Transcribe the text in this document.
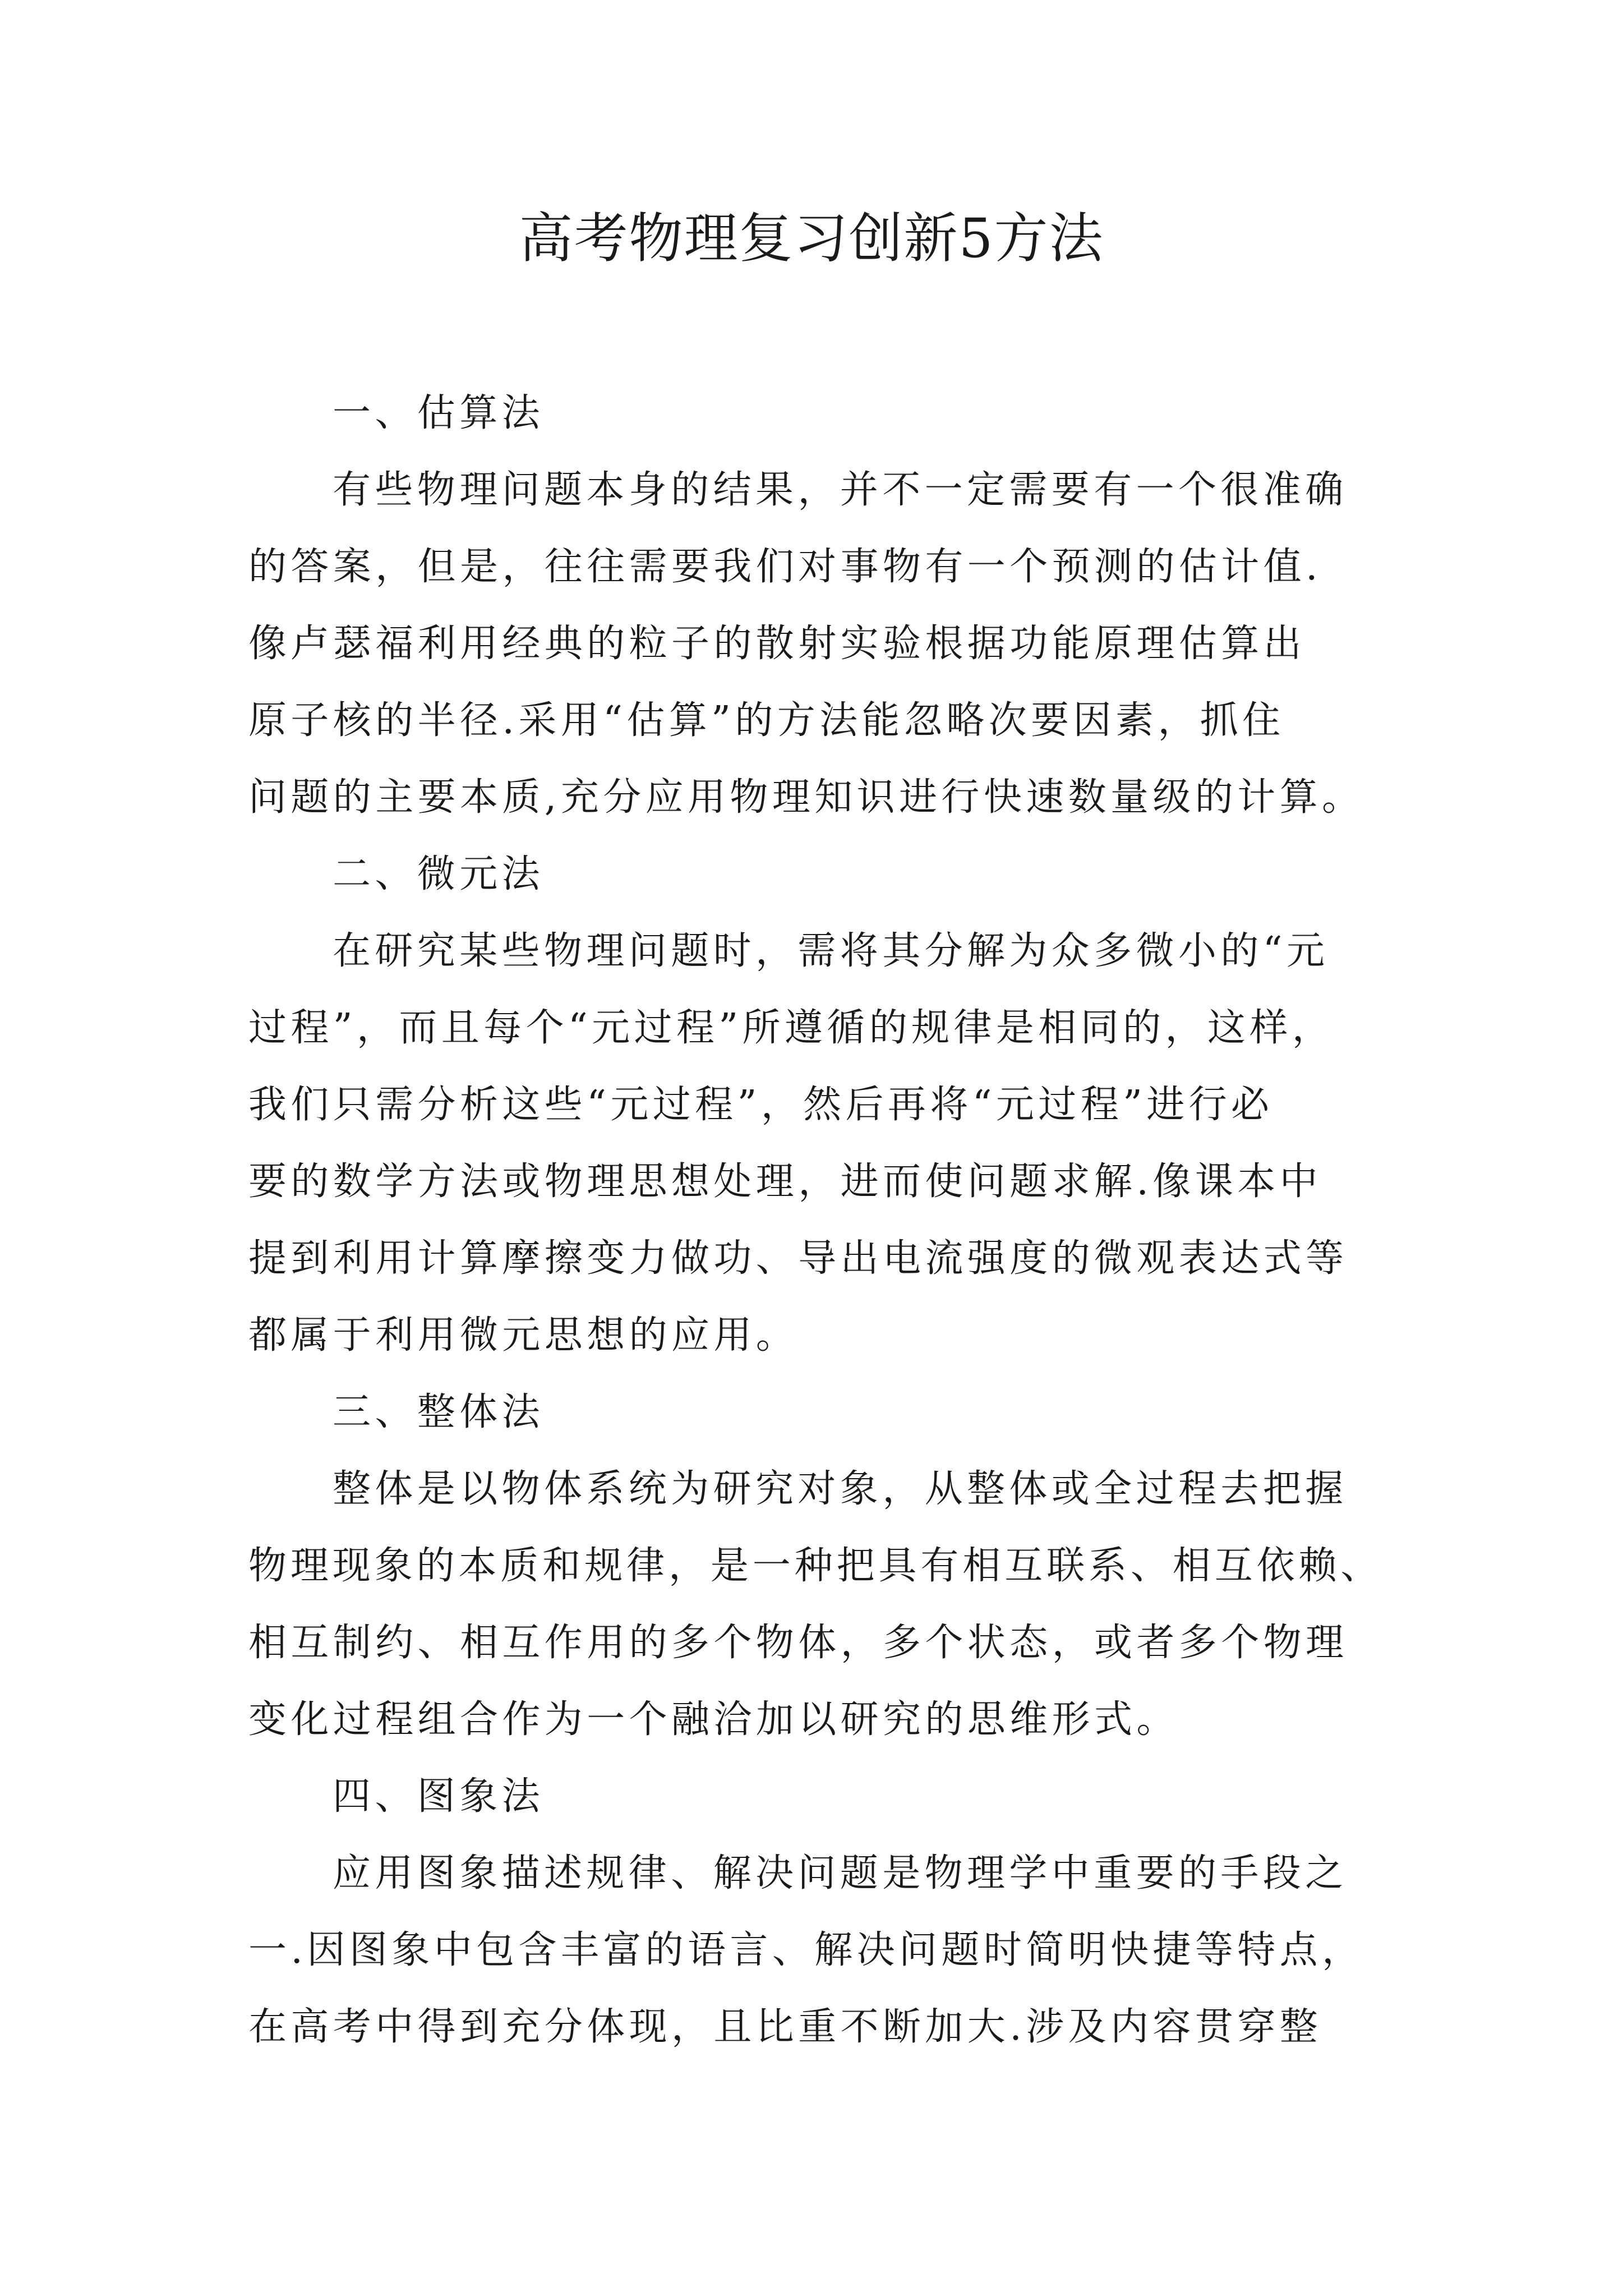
高考物理复习创新5方法
一、估算法
有些物理问题本身的结果，并不一定需要有一个很准确
的答案，但是，往往需要我们对事物有一个预测的估计值.
像卢瑟福利用经典的粒子的散射实验根据功能原理估算出
原子核的半径.采用“估算”的方法能忽略次要因素，抓住
问题的主要本质,充分应用物理知识进行快速数量级的计算。
二、微元法
在研究某些物理问题时，需将其分解为众多微小的“元
过程”，而且每个“元过程”所遵循的规律是相同的，这样，
我们只需分析这些“元过程”，然后再将“元过程”进行必
要的数学方法或物理思想处理，进而使问题求解.像课本中
提到利用计算摩擦变力做功、导出电流强度的微观表达式等
都属于利用微元思想的应用。
三、整体法
整体是以物体系统为研究对象，从整体或全过程去把握
物理现象的本质和规律，是一种把具有相互联系、相互依赖、
相互制约、相互作用的多个物体，多个状态，或者多个物理
变化过程组合作为一个融洽加以研究的思维形式。
四、图象法
应用图象描述规律、解决问题是物理学中重要的手段之
一.因图象中包含丰富的语言、解决问题时简明快捷等特点，
在高考中得到充分体现，且比重不断加大.涉及内容贯穿整
